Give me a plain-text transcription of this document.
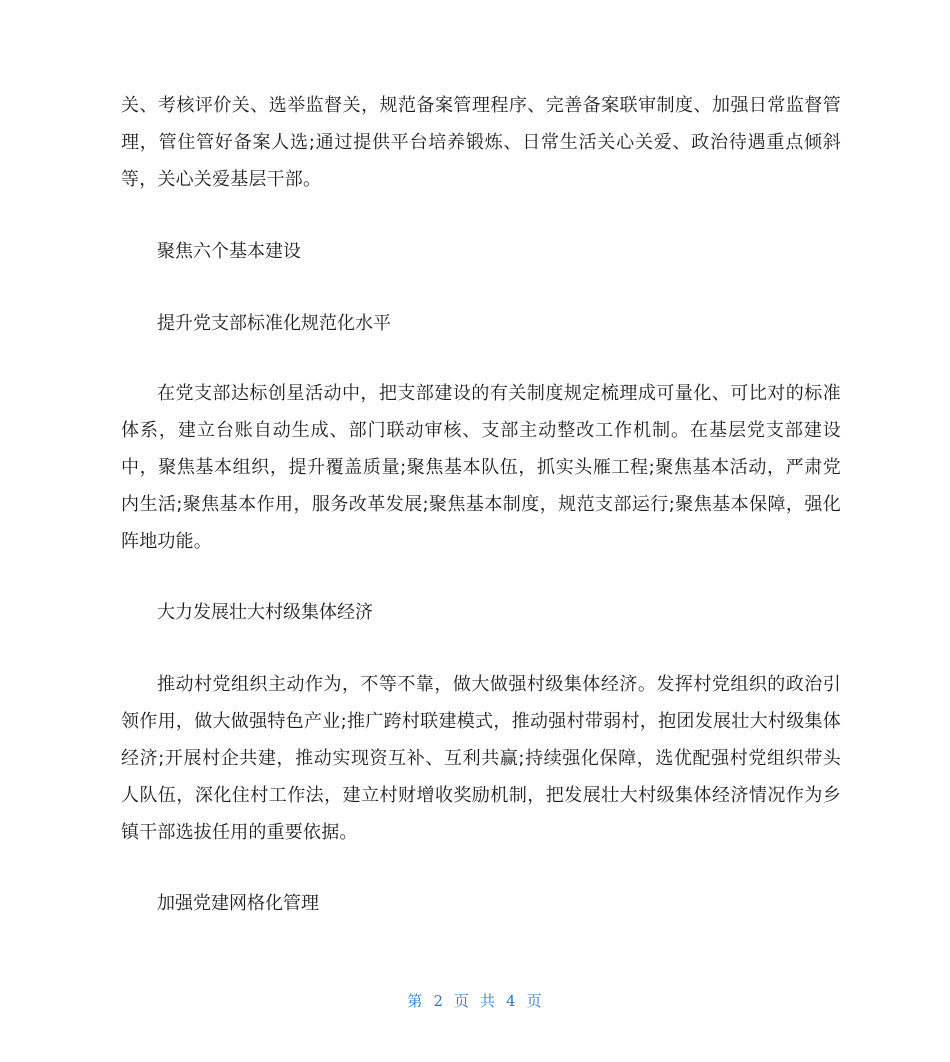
关、考核评价关、选举监督关，规范备案管理程序、完善备案联审制度、加强日常监督管理，管住管好备案人选;通过提供平台培养锻炼、日常生活关心关爱、政治待遇重点倾斜等，关心关爱基层干部。

聚焦六个基本建设

提升党支部标准化规范化水平

在党支部达标创星活动中，把支部建设的有关制度规定梳理成可量化、可比对的标准体系，建立台账自动生成、部门联动审核、支部主动整改工作机制。在基层党支部建设中，聚焦基本组织，提升覆盖质量;聚焦基本队伍，抓实头雁工程;聚焦基本活动，严肃党内生活;聚焦基本作用，服务改革发展;聚焦基本制度，规范支部运行;聚焦基本保障，强化阵地功能。

大力发展壮大村级集体经济

推动村党组织主动作为，不等不靠，做大做强村级集体经济。发挥村党组织的政治引领作用，做大做强特色产业;推广跨村联建模式，推动强村带弱村，抱团发展壮大村级集体经济;开展村企共建，推动实现资互补、互利共赢;持续强化保障，选优配强村党组织带头人队伍，深化住村工作法，建立村财增收奖励机制，把发展壮大村级集体经济情况作为乡镇干部选拔任用的重要依据。

加强党建网格化管理

第 2 页 共 4 页
